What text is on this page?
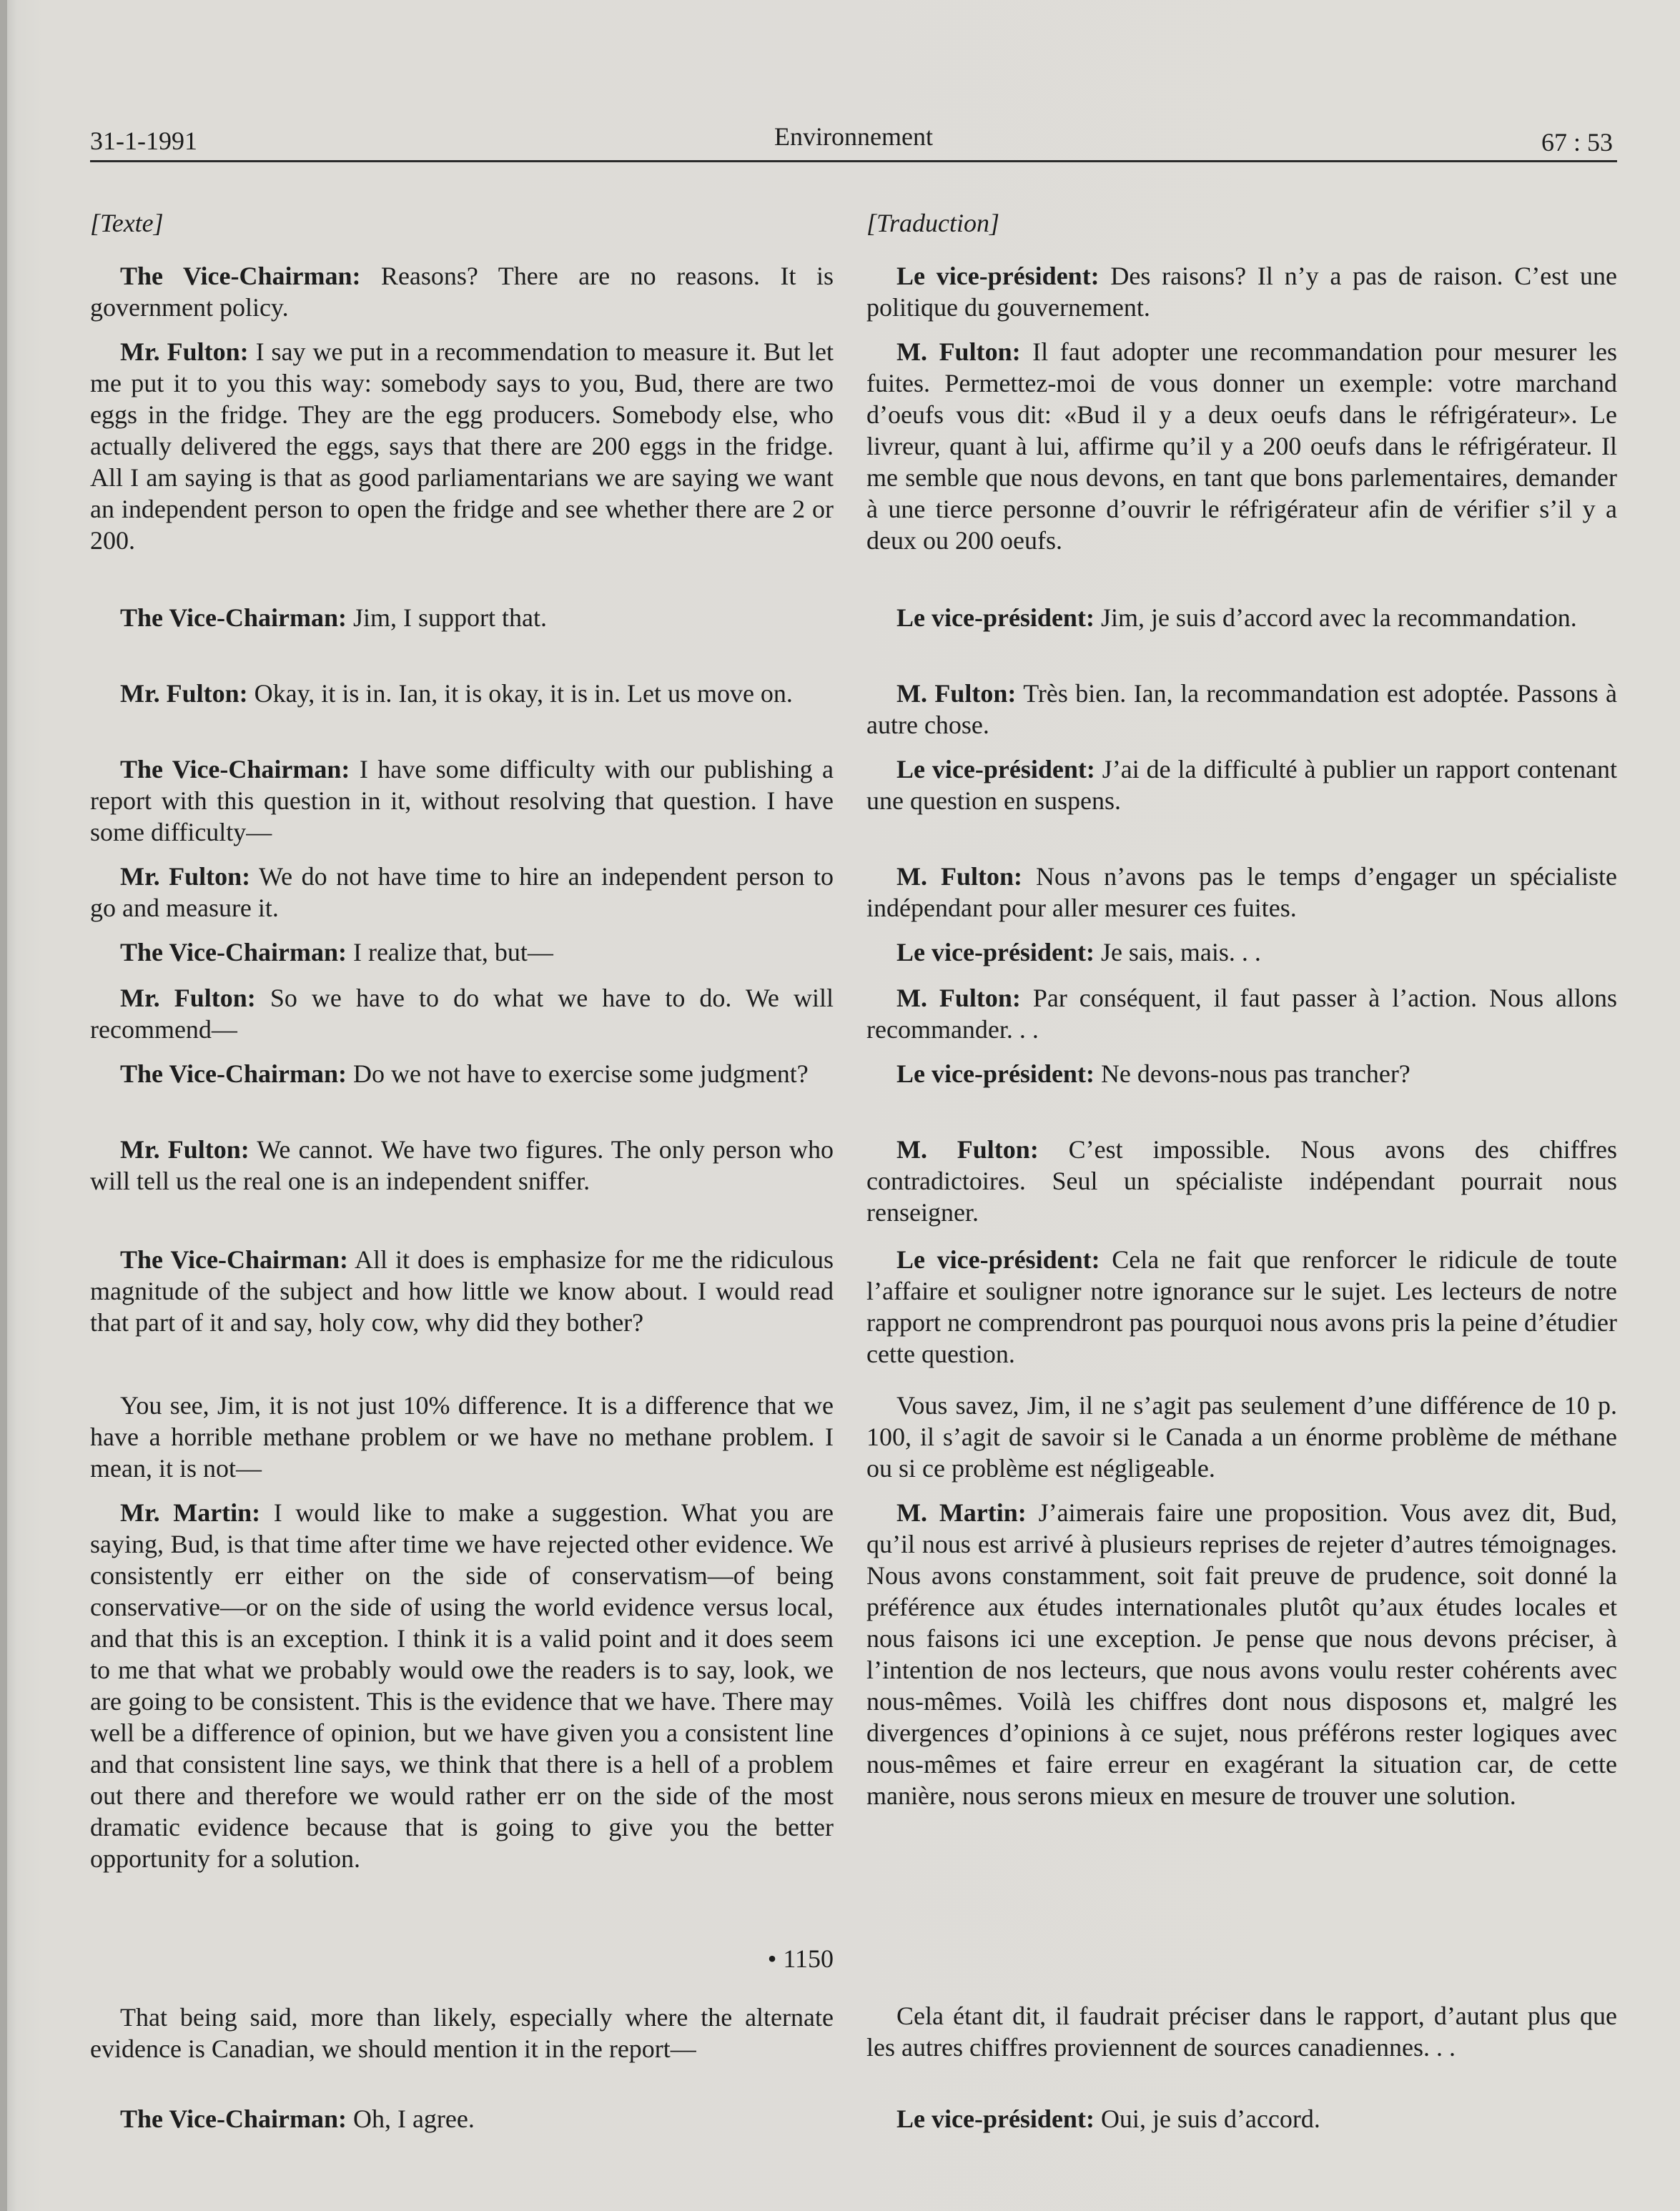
31-1-1991	Environnement	67 : 53

[Texte]

The Vice-Chairman: Reasons? There are no reasons. It is government policy.

Mr. Fulton: I say we put in a recommendation to measure it. But let me put it to you this way: somebody says to you, Bud, there are two eggs in the fridge. They are the egg producers. Somebody else, who actually delivered the eggs, says that there are 200 eggs in the fridge. All I am saying is that as good parliamentarians we are saying we want an independent person to open the fridge and see whether there are 2 or 200.

The Vice-Chairman: Jim, I support that.

Mr. Fulton: Okay, it is in. Ian, it is okay, it is in. Let us move on.

The Vice-Chairman: I have some difficulty with our publishing a report with this question in it, without resolving that question. I have some difficulty—

Mr. Fulton: We do not have time to hire an independent person to go and measure it.

The Vice-Chairman: I realize that, but—

Mr. Fulton: So we have to do what we have to do. We will recommend—

The Vice-Chairman: Do we not have to exercise some judgment?

Mr. Fulton: We cannot. We have two figures. The only person who will tell us the real one is an independent sniffer.

The Vice-Chairman: All it does is emphasize for me the ridiculous magnitude of the subject and how little we know about. I would read that part of it and say, holy cow, why did they bother?

You see, Jim, it is not just 10% difference. It is a difference that we have a horrible methane problem or we have no methane problem. I mean, it is not—

Mr. Martin: I would like to make a suggestion. What you are saying, Bud, is that time after time we have rejected other evidence. We consistently err either on the side of conservatism—of being conservative—or on the side of using the world evidence versus local, and that this is an exception. I think it is a valid point and it does seem to me that what we probably would owe the readers is to say, look, we are going to be consistent. This is the evidence that we have. There may well be a difference of opinion, but we have given you a consistent line and that consistent line says, we think that there is a hell of a problem out there and therefore we would rather err on the side of the most dramatic evidence because that is going to give you the better opportunity for a solution.

• 1150

That being said, more than likely, especially where the alternate evidence is Canadian, we should mention it in the report—

The Vice-Chairman: Oh, I agree.

[Traduction]

Le vice-président: Des raisons? Il n’y a pas de raison. C’est une politique du gouvernement.

M. Fulton: Il faut adopter une recommandation pour mesurer les fuites. Permettez-moi de vous donner un exemple: votre marchand d’oeufs vous dit: «Bud il y a deux oeufs dans le réfrigérateur». Le livreur, quant à lui, affirme qu’il y a 200 oeufs dans le réfrigérateur. Il me semble que nous devons, en tant que bons parlementaires, demander à une tierce personne d’ouvrir le réfrigérateur afin de vérifier s’il y a deux ou 200 oeufs.

Le vice-président: Jim, je suis d’accord avec la recommandation.

M. Fulton: Très bien. Ian, la recommandation est adoptée. Passons à autre chose.

Le vice-président: J’ai de la difficulté à publier un rapport contenant une question en suspens.

M. Fulton: Nous n’avons pas le temps d’engager un spécialiste indépendant pour aller mesurer ces fuites.

Le vice-président: Je sais, mais. . .

M. Fulton: Par conséquent, il faut passer à l’action. Nous allons recommander. . .

Le vice-président: Ne devons-nous pas trancher?

M. Fulton: C’est impossible. Nous avons des chiffres contradictoires. Seul un spécialiste indépendant pourrait nous renseigner.

Le vice-président: Cela ne fait que renforcer le ridicule de toute l’affaire et souligner notre ignorance sur le sujet. Les lecteurs de notre rapport ne comprendront pas pourquoi nous avons pris la peine d’étudier cette question.

Vous savez, Jim, il ne s’agit pas seulement d’une différence de 10 p. 100, il s’agit de savoir si le Canada a un énorme problème de méthane ou si ce problème est négligeable.

M. Martin: J’aimerais faire une proposition. Vous avez dit, Bud, qu’il nous est arrivé à plusieurs reprises de rejeter d’autres témoignages. Nous avons constamment, soit fait preuve de prudence, soit donné la préférence aux études internationales plutôt qu’aux études locales et nous faisons ici une exception. Je pense que nous devons préciser, à l’intention de nos lecteurs, que nous avons voulu rester cohérents avec nous-mêmes. Voilà les chiffres dont nous disposons et, malgré les divergences d’opinions à ce sujet, nous préférons rester logiques avec nous-mêmes et faire erreur en exagérant la situation car, de cette manière, nous serons mieux en mesure de trouver une solution.

Cela étant dit, il faudrait préciser dans le rapport, d’autant plus que les autres chiffres proviennent de sources canadiennes. . .

Le vice-président: Oui, je suis d’accord.
